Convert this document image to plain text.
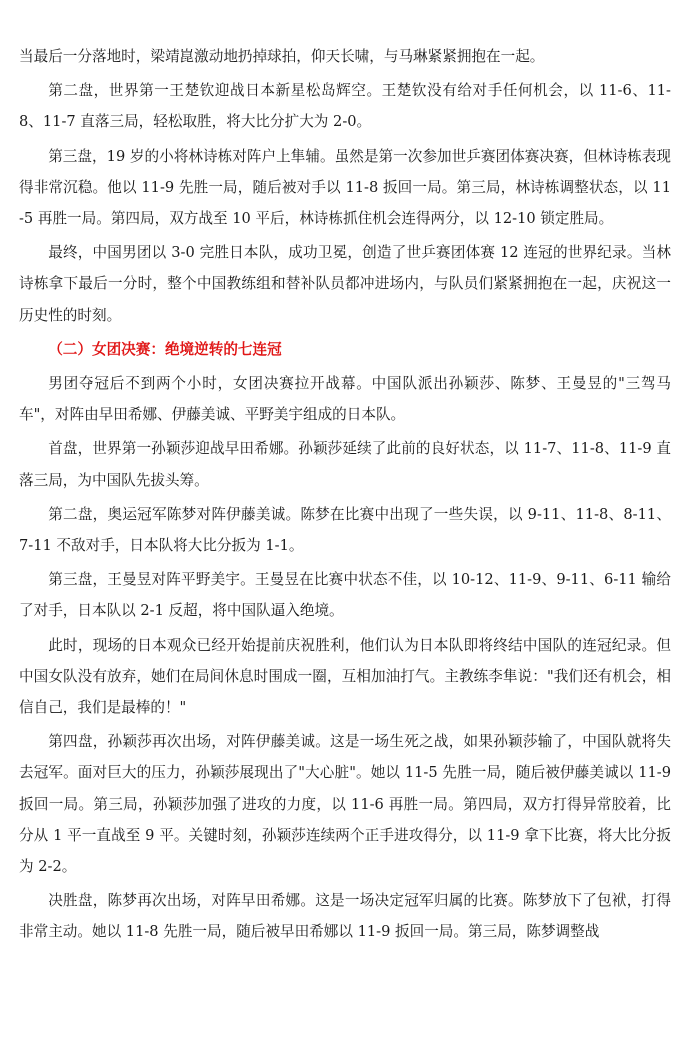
当最后一分落地时，梁靖崑激动地扔掉球拍，仰天长啸，与马琳紧紧拥抱在一起。

第二盘，世界第一王楚钦迎战日本新星松岛辉空。王楚钦没有给对手任何机会，以 11-6、11-8、11-7 直落三局，轻松取胜，将大比分扩大为 2-0。

第三盘，19 岁的小将林诗栋对阵户上隼辅。虽然是第一次参加世乒赛团体赛决赛，但林诗栋表现得非常沉稳。他以 11-9 先胜一局，随后被对手以 11-8 扳回一局。第三局，林诗栋调整状态，以 11-5 再胜一局。第四局，双方战至 10 平后，林诗栋抓住机会连得两分，以 12-10 锁定胜局。

最终，中国男团以 3-0 完胜日本队，成功卫冕，创造了世乒赛团体赛 12 连冠的世界纪录。当林诗栋拿下最后一分时，整个中国教练组和替补队员都冲进场内，与队员们紧紧拥抱在一起，庆祝这一历史性的时刻。

（二）女团决赛：绝境逆转的七连冠

男团夺冠后不到两个小时，女团决赛拉开战幕。中国队派出孙颖莎、陈梦、王曼昱的"三驾马车"，对阵由早田希娜、伊藤美诚、平野美宇组成的日本队。

首盘，世界第一孙颖莎迎战早田希娜。孙颖莎延续了此前的良好状态，以 11-7、11-8、11-9 直落三局，为中国队先拔头筹。

第二盘，奥运冠军陈梦对阵伊藤美诚。陈梦在比赛中出现了一些失误，以 9-11、11-8、8-11、7-11 不敌对手，日本队将大比分扳为 1-1。

第三盘，王曼昱对阵平野美宇。王曼昱在比赛中状态不佳，以 10-12、11-9、9-11、6-11 输给了对手，日本队以 2-1 反超，将中国队逼入绝境。

此时，现场的日本观众已经开始提前庆祝胜利，他们认为日本队即将终结中国队的连冠纪录。但中国女队没有放弃，她们在局间休息时围成一圈，互相加油打气。主教练李隼说："我们还有机会，相信自己，我们是最棒的！"

第四盘，孙颖莎再次出场，对阵伊藤美诚。这是一场生死之战，如果孙颖莎输了，中国队就将失去冠军。面对巨大的压力，孙颖莎展现出了"大心脏"。她以 11-5 先胜一局，随后被伊藤美诚以 11-9 扳回一局。第三局，孙颖莎加强了进攻的力度，以 11-6 再胜一局。第四局，双方打得异常胶着，比分从 1 平一直战至 9 平。关键时刻，孙颖莎连续两个正手进攻得分，以 11-9 拿下比赛，将大比分扳为 2-2。

决胜盘，陈梦再次出场，对阵早田希娜。这是一场决定冠军归属的比赛。陈梦放下了包袱，打得非常主动。她以 11-8 先胜一局，随后被早田希娜以 11-9 扳回一局。第三局，陈梦调整战
